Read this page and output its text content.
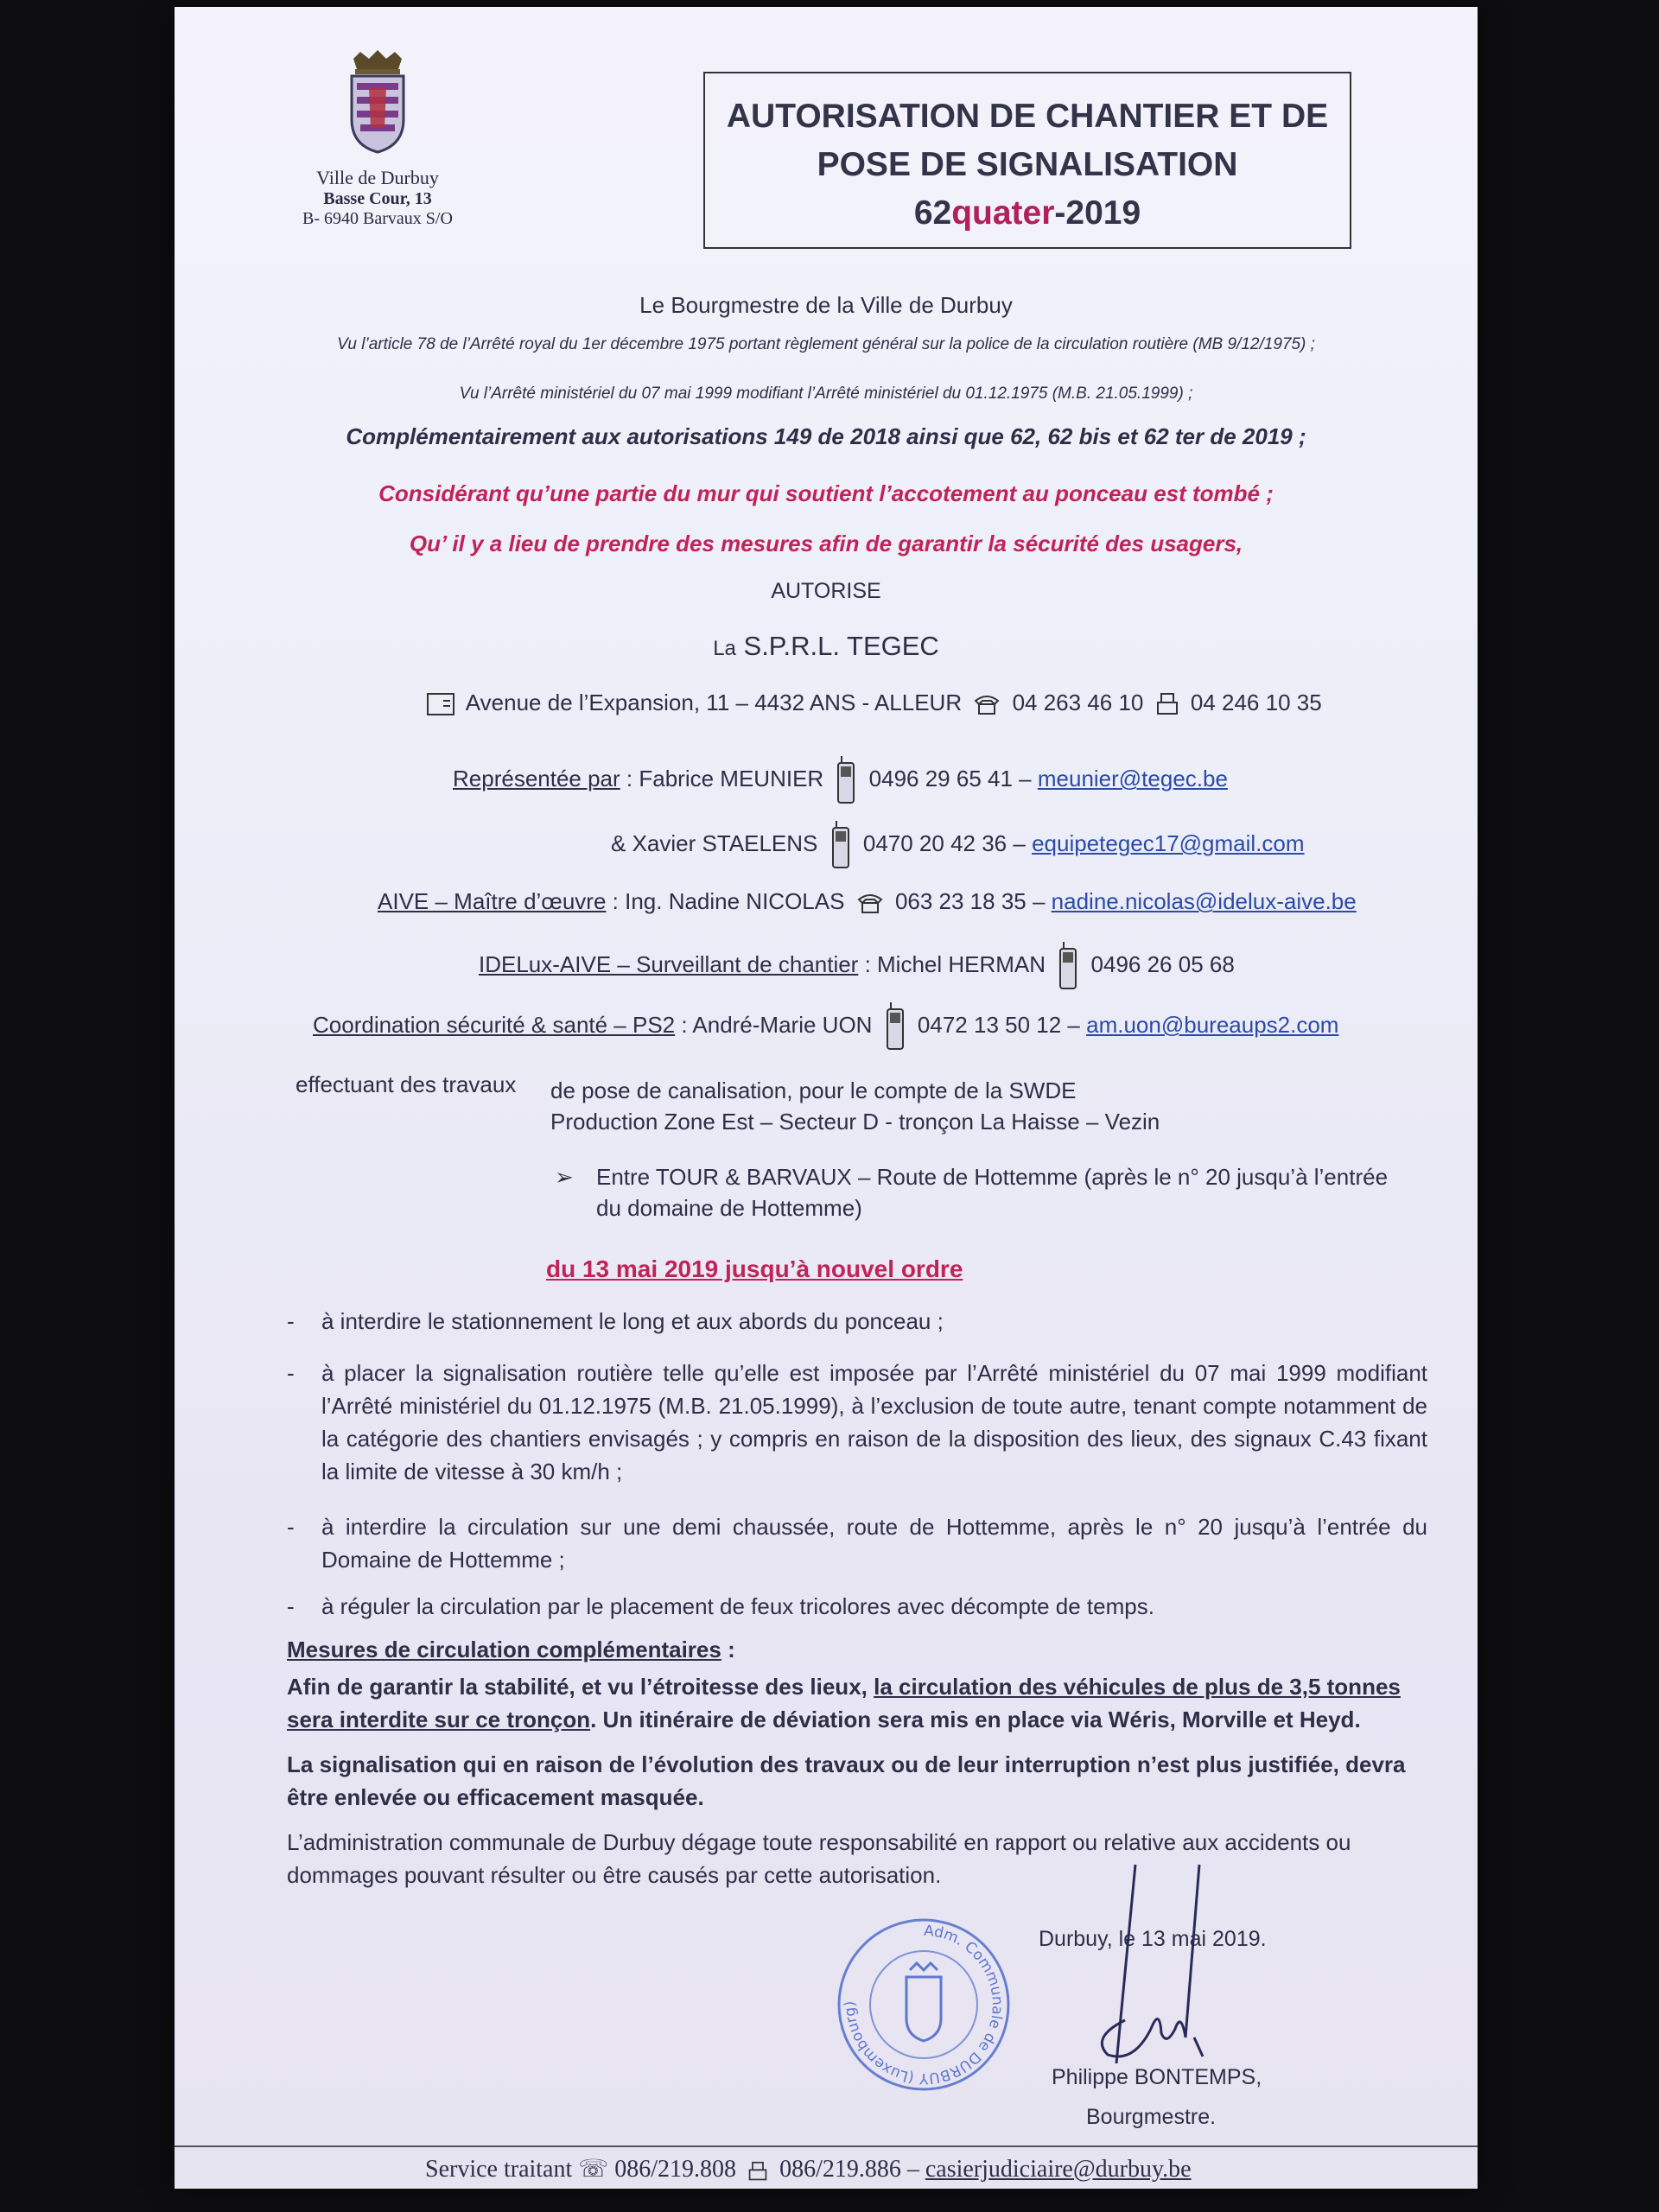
Ville de Durbuy
Basse Cour, 13
B- 6940 Barvaux S/O
AUTORISATION DE CHANTIER ET DE
POSE DE SIGNALISATION
62quater-2019
Le Bourgmestre de la Ville de Durbuy
Vu l’article 78 de l’Arrêté royal du 1er décembre 1975 portant règlement général sur la police de la circulation routière (MB 9/12/1975) ;
Vu l’Arrêté ministériel du 07 mai 1999 modifiant l’Arrêté ministériel du 01.12.1975 (M.B. 21.05.1999) ;
Complémentairement aux autorisations 149 de 2018 ainsi que 62, 62 bis et 62 ter de 2019 ;
Considérant qu’une partie du mur qui soutient l’accotement au ponceau est tombé ;
Qu’ il y a lieu de prendre des mesures afin de garantir la sécurité des usagers,
AUTORISE
La S.P.R.L. TEGEC
Avenue de l’Expansion, 11 – 4432 ANS - ALLEUR 04 263 46 10 04 246 10 35
Représentée par : Fabrice MEUNIER 0496 29 65 41 – meunier@tegec.be
& Xavier STAELENS 0470 20 42 36 – equipetegec17@gmail.com
AIVE – Maître d’œuvre : Ing. Nadine NICOLAS 063 23 18 35 – nadine.nicolas@idelux-aive.be
IDELux-AIVE – Surveillant de chantier : Michel HERMAN 0496 26 05 68
Coordination sécurité & santé – PS2 : André-Marie UON 0472 13 50 12 – am.uon@bureaups2.com
effectuant des travaux de pose de canalisation, pour le compte de la SWDE
Production Zone Est – Secteur D - tronçon La Haisse – Vezin
➢ Entre TOUR & BARVAUX – Route de Hottemme (après le n° 20 jusqu’à l’entrée
du domaine de Hottemme)
du 13 mai 2019 jusqu’à nouvel ordre
- à interdire le stationnement le long et aux abords du ponceau ;
- à placer la signalisation routière telle qu’elle est imposée par l’Arrêté ministériel du 07 mai 1999 modifiant l’Arrêté ministériel du 01.12.1975 (M.B. 21.05.1999), à l’exclusion de toute autre, tenant compte notamment de la catégorie des chantiers envisagés ; y compris en raison de la disposition des lieux, des signaux C.43 fixant la limite de vitesse à 30 km/h ;
- à interdire la circulation sur une demi chaussée, route de Hottemme, après le n° 20 jusqu’à l’entrée du Domaine de Hottemme ;
- à réguler la circulation par le placement de feux tricolores avec décompte de temps.
Mesures de circulation complémentaires :
Afin de garantir la stabilité, et vu l’étroitesse des lieux, la circulation des véhicules de plus de 3,5 tonnes sera interdite sur ce tronçon. Un itinéraire de déviation sera mis en place via Wéris, Morville et Heyd.
La signalisation qui en raison de l’évolution des travaux ou de leur interruption n’est plus justifiée, devra être enlevée ou efficacement masquée.
L’administration communale de Durbuy dégage toute responsabilité en rapport ou relative aux accidents ou dommages pouvant résulter ou être causés par cette autorisation.
Adm. Communale de DURBUY (Luxembourg)
Durbuy, le 13 mai 2019.
Philippe BONTEMPS,
Bourgmestre.
Service traitant ☏ 086/219.808 086/219.886 – casierjudiciaire@durbuy.be
